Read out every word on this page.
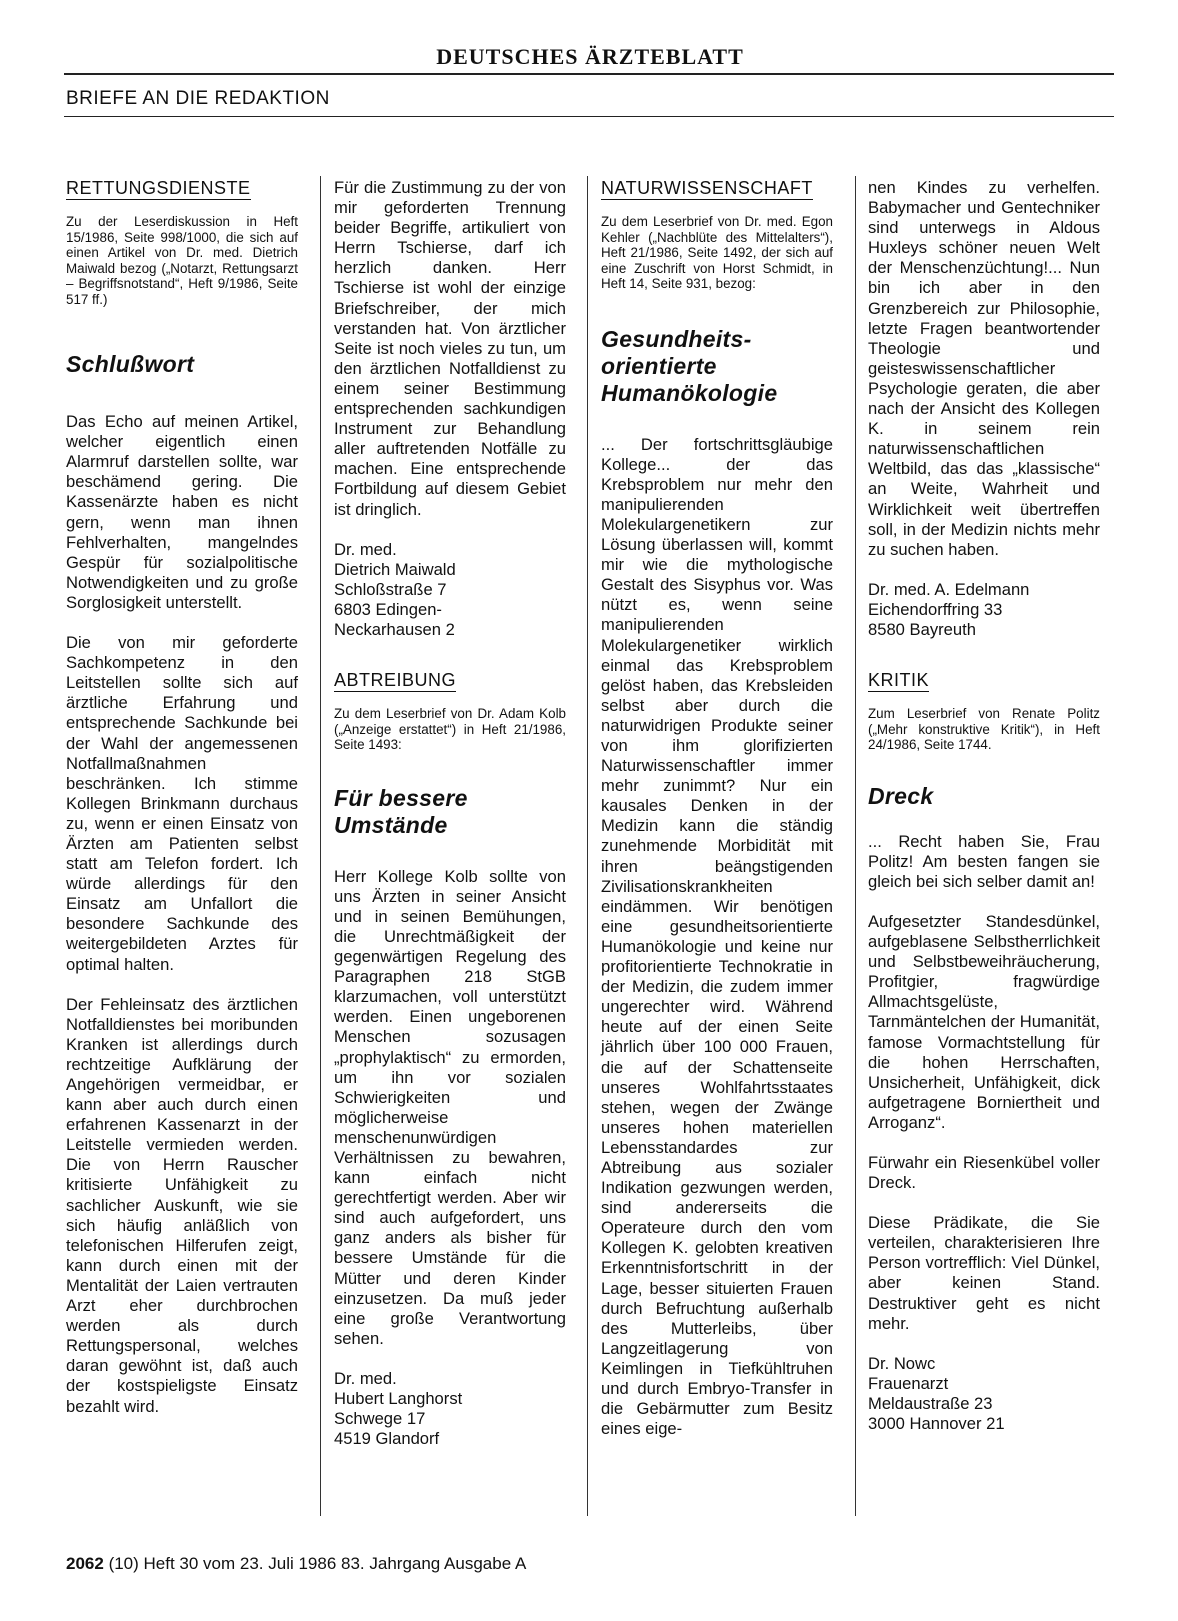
DEUTSCHES ÄRZTEBLATT
BRIEFE AN DIE REDAKTION
RETTUNGSDIENSTE

Zu der Leserdiskussion in Heft 15/1986, Seite 998/1000, die sich auf einen Artikel von Dr. med. Dietrich Maiwald bezog („Notarzt, Rettungsarzt – Begriffsnotstand“, Heft 9/1986, Seite 517 ff.)

Schlußwort

Das Echo auf meinen Artikel, welcher eigentlich einen Alarmruf darstellen sollte, war beschämend gering. Die Kassenärzte haben es nicht gern, wenn man ihnen Fehlverhalten, mangelndes Gespür für sozialpolitische Notwendigkeiten und zu große Sorglosigkeit unterstellt.

Die von mir geforderte Sachkompetenz in den Leitstellen sollte sich auf ärztliche Erfahrung und entsprechende Sachkunde bei der Wahl der angemessenen Notfallmaßnahmen beschränken. Ich stimme Kollegen Brinkmann durchaus zu, wenn er einen Einsatz von Ärzten am Patienten selbst statt am Telefon fordert. Ich würde allerdings für den Einsatz am Unfallort die besondere Sachkunde des weitergebildeten Arztes für optimal halten.

Der Fehleinsatz des ärztlichen Notfalldienstes bei moribunden Kranken ist allerdings durch rechtzeitige Aufklärung der Angehörigen vermeidbar, er kann aber auch durch einen erfahrenen Kassenarzt in der Leitstelle vermieden werden. Die von Herrn Rauscher kritisierte Unfähigkeit zu sachlicher Auskunft, wie sie sich häufig anläßlich von telefonischen Hilferufen zeigt, kann durch einen mit der Mentalität der Laien vertrauten Arzt eher durchbrochen werden als durch Rettungspersonal, welches daran gewöhnt ist, daß auch der kostspieligste Einsatz bezahlt wird.

Für die Zustimmung zu der von mir geforderten Trennung beider Begriffe, artikuliert von Herrn Tschierse, darf ich herzlich danken. Herr Tschierse ist wohl der einzige Briefschreiber, der mich verstanden hat. Von ärztlicher Seite ist noch vieles zu tun, um den ärztlichen Notfalldienst zu einem seiner Bestimmung entsprechenden sachkundigen Instrument zur Behandlung aller auftretenden Notfälle zu machen. Eine entsprechende Fortbildung auf diesem Gebiet ist dringlich.

Dr. med.
Dietrich Maiwald
Schloßstraße 7
6803 Edingen-
Neckarhausen 2
ABTREIBUNG

Zu dem Leserbrief von Dr. Adam Kolb („Anzeige erstattet“) in Heft 21/1986, Seite 1493:

Für bessere
Umstände

Herr Kollege Kolb sollte von uns Ärzten in seiner Ansicht und in seinen Bemühungen, die Unrechtmäßigkeit der gegenwärtigen Regelung des Paragraphen 218 StGB klarzumachen, voll unterstützt werden. Einen ungeborenen Menschen sozusagen „prophylaktisch“ zu ermorden, um ihn vor sozialen Schwierigkeiten und möglicherweise menschenunwürdigen Verhältnissen zu bewahren, kann einfach nicht gerechtfertigt werden. Aber wir sind auch aufgefordert, uns ganz anders als bisher für bessere Umstände für die Mütter und deren Kinder einzusetzen. Da muß jeder eine große Verantwortung sehen.

Dr. med.
Hubert Langhorst
Schwege 17
4519 Glandorf
NATURWISSENSCHAFT

Zu dem Leserbrief von Dr. med. Egon Kehler („Nachblüte des Mittelalters“), Heft 21/1986, Seite 1492, der sich auf eine Zuschrift von Horst Schmidt, in Heft 14, Seite 931, bezog:

Gesundheits-
orientierte
Humanökologie

... Der fortschrittsgläubige Kollege... der das Krebsproblem nur mehr den manipulierenden Molekulargenetikern zur Lösung überlassen will, kommt mir wie die mythologische Gestalt des Sisyphus vor. Was nützt es, wenn seine manipulierenden Molekulargenetiker wirklich einmal das Krebsproblem gelöst haben, das Krebsleiden selbst aber durch die naturwidrigen Produkte seiner von ihm glorifizierten Naturwissenschaftler immer mehr zunimmt? Nur ein kausales Denken in der Medizin kann die ständig zunehmende Morbidität mit ihren beängstigenden Zivilisationskrankheiten eindämmen. Wir benötigen eine gesundheitsorientierte Humanökologie und keine nur profitorientierte Technokratie in der Medizin, die zudem immer ungerechter wird. Während heute auf der einen Seite jährlich über 100 000 Frauen, die auf der Schattenseite unseres Wohlfahrtsstaates stehen, wegen der Zwänge unseres hohen materiellen Lebensstandardes zur Abtreibung aus sozialer Indikation gezwungen werden, sind andererseits die Operateure durch den vom Kollegen K. gelobten kreativen Erkenntnisfortschritt in der Lage, besser situierten Frauen durch Befruchtung außerhalb des Mutterleibs, über Langzeitlagerung von Keimlingen in Tiefkühltruhen und durch Embryo-Transfer in die Gebärmutter zum Besitz eines eige-

nen Kindes zu verhelfen. Babymacher und Gentechniker sind unterwegs in Aldous Huxleys schöner neuen Welt der Menschenzüchtung!... Nun bin ich aber in den Grenzbereich zur Philosophie, letzte Fragen beantwortender Theologie und geisteswissenschaftlicher Psychologie geraten, die aber nach der Ansicht des Kollegen K. in seinem rein naturwissenschaftlichen Weltbild, das das „klassische“ an Weite, Wahrheit und Wirklichkeit weit übertreffen soll, in der Medizin nichts mehr zu suchen haben.

Dr. med. A. Edelmann
Eichendorffring 33
8580 Bayreuth
KRITIK

Zum Leserbrief von Renate Politz („Mehr konstruktive Kritik“), in Heft 24/1986, Seite 1744.

Dreck

... Recht haben Sie, Frau Politz! Am besten fangen sie gleich bei sich selber damit an!

Aufgesetzter Standesdünkel, aufgeblasene Selbstherrlichkeit und Selbstbeweihräucherung, Profitgier, fragwürdige Allmachtsgelüste, Tarnmäntelchen der Humanität, famose Vormachtstellung für die hohen Herrschaften, Unsicherheit, Unfähigkeit, dick aufgetragene Borniertheit und Arroganz“.

Fürwahr ein Riesenkübel voller Dreck.

Diese Prädikate, die Sie verteilen, charakterisieren Ihre Person vortrefflich: Viel Dünkel, aber keinen Stand. Destruktiver geht es nicht mehr.

Dr. Nowc
Frauenarzt
Meldaustraße 23
3000 Hannover 21
2062 (10) Heft 30 vom 23. Juli 1986 83. Jahrgang Ausgabe A
